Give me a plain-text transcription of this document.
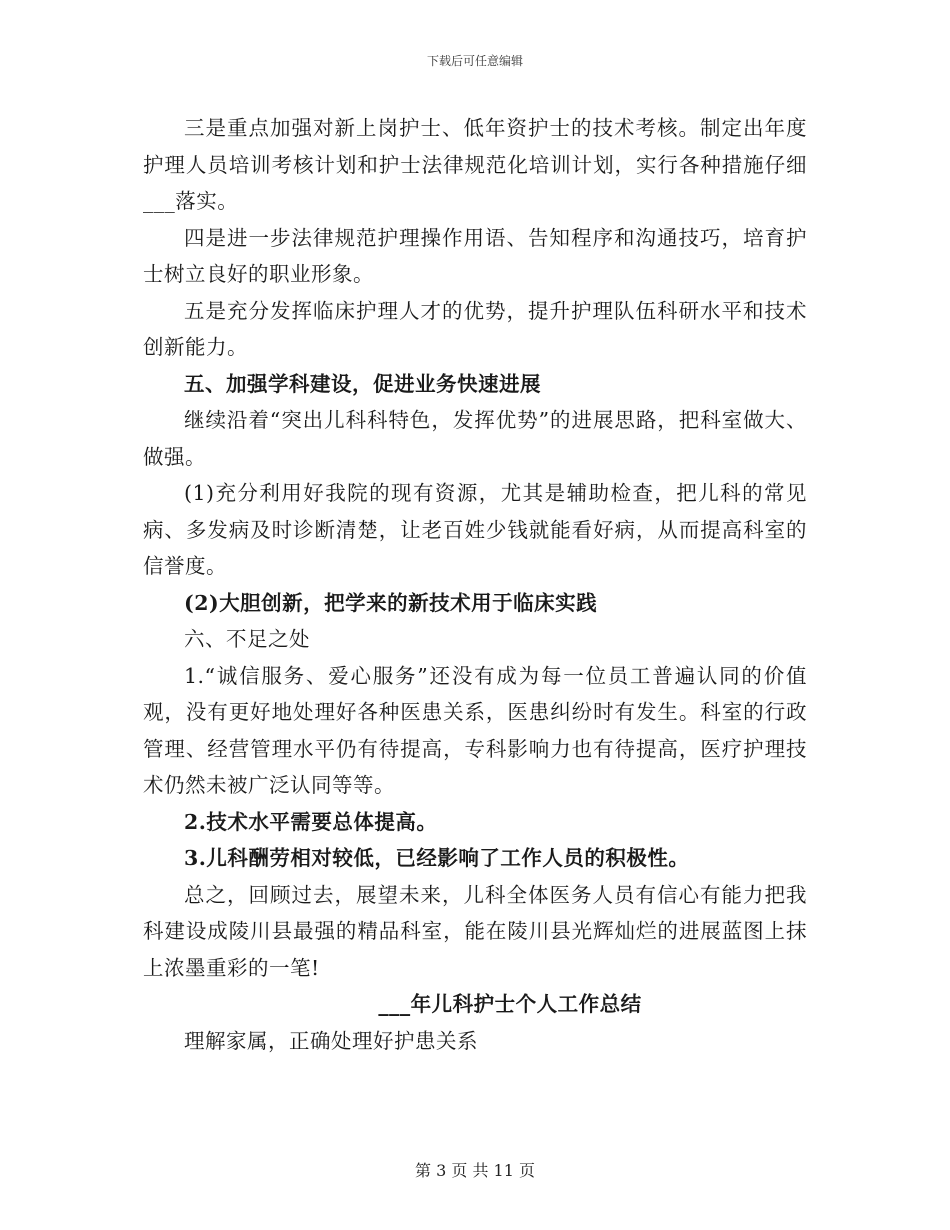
下载后可任意编辑

三是重点加强对新上岗护士、低年资护士的技术考核。制定出年度护理人员培训考核计划和护士法律规范化培训计划，实行各种措施仔细___落实。

四是进一步法律规范护理操作用语、告知程序和沟通技巧，培育护士树立良好的职业形象。

五是充分发挥临床护理人才的优势，提升护理队伍科研水平和技术创新能力。

五、加强学科建设，促进业务快速进展

继续沿着“突出儿科科特色，发挥优势”的进展思路，把科室做大、做强。

(1)充分利用好我院的现有资源，尤其是辅助检查，把儿科的常见病、多发病及时诊断清楚，让老百姓少钱就能看好病，从而提高科室的信誉度。

(2)大胆创新，把学来的新技术用于临床实践

六、不足之处

1.“诚信服务、爱心服务”还没有成为每一位员工普遍认同的价值观，没有更好地处理好各种医患关系，医患纠纷时有发生。科室的行政管理、经营管理水平仍有待提高，专科影响力也有待提高，医疗护理技术仍然未被广泛认同等等。

2.技术水平需要总体提高。

3.儿科酬劳相对较低，已经影响了工作人员的积极性。

总之，回顾过去，展望未来，儿科全体医务人员有信心有能力把我科建设成陵川县最强的精品科室，能在陵川县光辉灿烂的进展蓝图上抹上浓墨重彩的一笔!

___年儿科护士个人工作总结

理解家属，正确处理好护患关系

第 3 页 共 11 页
